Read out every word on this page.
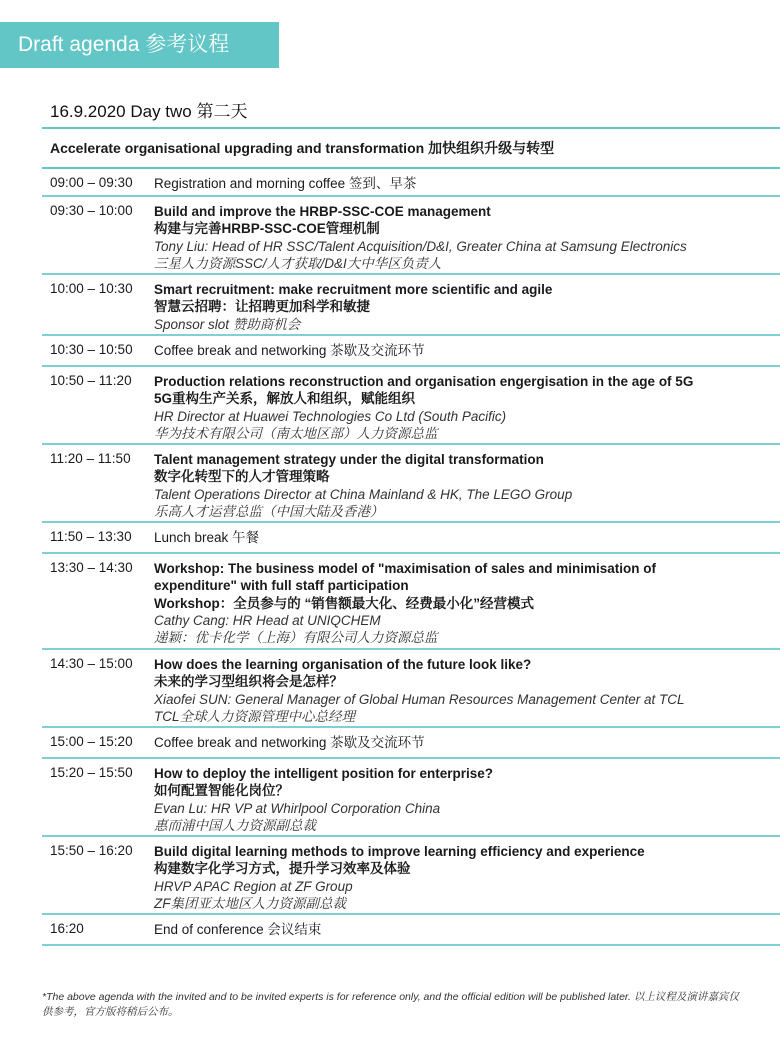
Draft agenda 参考议程
16.9.2020 Day two 第二天
Accelerate organisational upgrading and transformation 加快组织升级与转型
09:00 – 09:30	Registration and morning coffee 签到、早茶
09:30 – 10:00	Build and improve the HRBP-SSC-COE management
构建与完善HRBP-SSC-COE管理机制
Tony Liu: Head of HR SSC/Talent Acquisition/D&I, Greater China at Samsung Electronics
三星人力资源SSC/人才获取/D&I大中华区负责人
10:00 – 10:30	Smart recruitment: make recruitment more scientific and agile
智慧云招聘：让招聘更加科学和敏捷
Sponsor slot 赞助商机会
10:30 – 10:50	Coffee break and networking 茶歇及交流环节
10:50 – 11:20	Production relations reconstruction and organisation engergisation in the age of 5G
5G重构生产关系，解放人和组织，赋能组织
HR Director at Huawei Technologies Co Ltd (South Pacific)
华为技术有限公司（南太地区部）人力资源总监
11:20 – 11:50	Talent management strategy under the digital transformation
数字化转型下的人才管理策略
Talent Operations Director at China Mainland & HK, The LEGO Group
乐高人才运营总监（中国大陆及香港）
11:50 – 13:30	Lunch break 午餐
13:30 – 14:30	Workshop: The business model of "maximisation of sales and minimisation of
expenditure" with full staff participation
Workshop：全员参与的 “销售额最大化、经费最小化”经营模式
Cathy Cang: HR Head at UNIQCHEM
递颖：优卡化学（上海）有限公司人力资源总监
14:30 – 15:00	How does the learning organisation of the future look like?
未来的学习型组织将会是怎样？
Xiaofei SUN: General Manager of Global Human Resources Management Center at TCL
TCL全球人力资源管理中心总经理
15:00 – 15:20	Coffee break and networking 茶歇及交流环节
15:20 – 15:50	How to deploy the intelligent position for enterprise?
如何配置智能化岗位？
Evan Lu: HR VP at Whirlpool Corporation China
惠而浦中国人力资源副总裁
15:50 – 16:20	Build digital learning methods to improve learning efficiency and experience
构建数字化学习方式，提升学习效率及体验
HRVP APAC Region at ZF Group
ZF集团亚太地区人力资源副总裁
16:20	End of conference 会议结束
*The above agenda with the invited and to be invited experts is for reference only, and the official edition will be published later. 以上议程及演讲嘉宾仅供参考，官方版将稍后公布。
